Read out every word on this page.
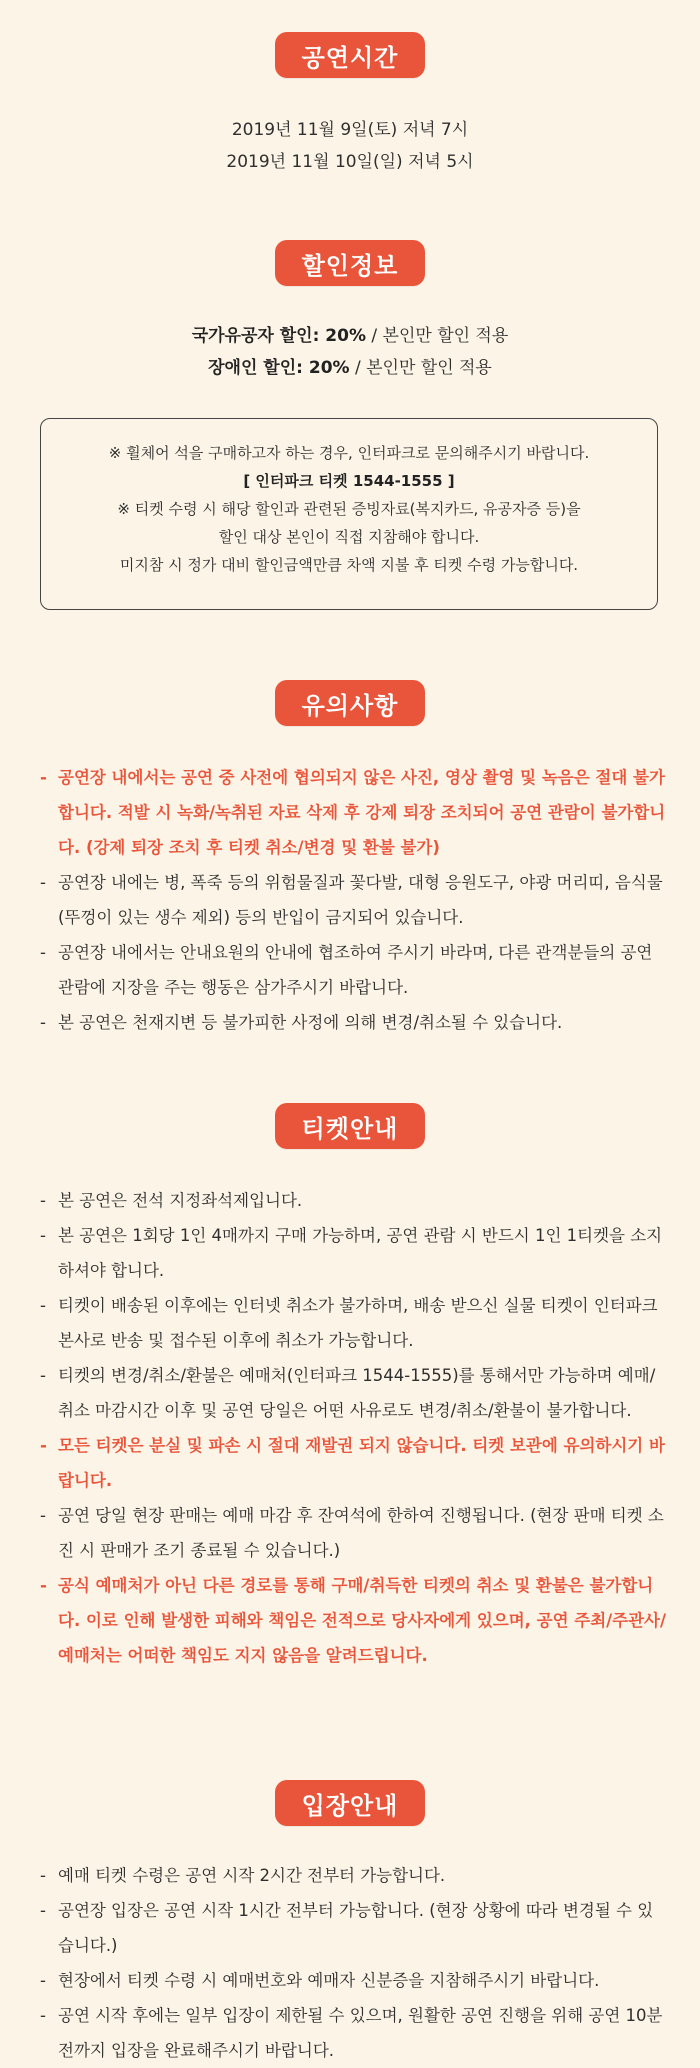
공연시간
2019년 11월 9일(토) 저녁 7시
2019년 11월 10일(일) 저녁 5시
할인정보
국가유공자 할인: 20% / 본인만 할인 적용
장애인 할인: 20% / 본인만 할인 적용
※ 휠체어 석을 구매하고자 하는 경우, 인터파크로 문의해주시기 바랍니다.
[ 인터파크 티켓 1544-1555 ]
※ 티켓 수령 시 해당 할인과 관련된 증빙자료(복지카드, 유공자증 등)을
할인 대상 본인이 직접 지참해야 합니다.
미지참 시 정가 대비 할인금액만큼 차액 지불 후 티켓 수령 가능합니다.
유의사항
- 공연장 내에서는 공연 중 사전에 협의되지 않은 사진, 영상 촬영 및 녹음은 절대 불가합니다. 적발 시 녹화/녹취된 자료 삭제 후 강제 퇴장 조치되어 공연 관람이 불가합니다. (강제 퇴장 조치 후 티켓 취소/변경 및 환불 불가)
- 공연장 내에는 병, 폭죽 등의 위험물질과 꽃다발, 대형 응원도구, 야광 머리띠, 음식물(뚜껑이 있는 생수 제외) 등의 반입이 금지되어 있습니다.
- 공연장 내에서는 안내요원의 안내에 협조하여 주시기 바라며, 다른 관객분들의 공연 관람에 지장을 주는 행동은 삼가주시기 바랍니다.
- 본 공연은 천재지변 등 불가피한 사정에 의해 변경/취소될 수 있습니다.
티켓안내
- 본 공연은 전석 지정좌석제입니다.
- 본 공연은 1회당 1인 4매까지 구매 가능하며, 공연 관람 시 반드시 1인 1티켓을 소지하셔야 합니다.
- 티켓이 배송된 이후에는 인터넷 취소가 불가하며, 배송 받으신 실물 티켓이 인터파크 본사로 반송 및 접수된 이후에 취소가 가능합니다.
- 티켓의 변경/취소/환불은 예매처(인터파크 1544-1555)를 통해서만 가능하며 예매/취소 마감시간 이후 및 공연 당일은 어떤 사유로도 변경/취소/환불이 불가합니다.
- 모든 티켓은 분실 및 파손 시 절대 재발권 되지 않습니다. 티켓 보관에 유의하시기 바랍니다.
- 공연 당일 현장 판매는 예매 마감 후 잔여석에 한하여 진행됩니다. (현장 판매 티켓 소진 시 판매가 조기 종료될 수 있습니다.)
- 공식 예매처가 아닌 다른 경로를 통해 구매/취득한 티켓의 취소 및 환불은 불가합니다. 이로 인해 발생한 피해와 책임은 전적으로 당사자에게 있으며, 공연 주최/주관사/예매처는 어떠한 책임도 지지 않음을 알려드립니다.
입장안내
- 예매 티켓 수령은 공연 시작 2시간 전부터 가능합니다.
- 공연장 입장은 공연 시작 1시간 전부터 가능합니다. (현장 상황에 따라 변경될 수 있습니다.)
- 현장에서 티켓 수령 시 예매번호와 예매자 신분증을 지참해주시기 바랍니다.
- 공연 시작 후에는 일부 입장이 제한될 수 있으며, 원활한 공연 진행을 위해 공연 10분 전까지 입장을 완료해주시기 바랍니다.
